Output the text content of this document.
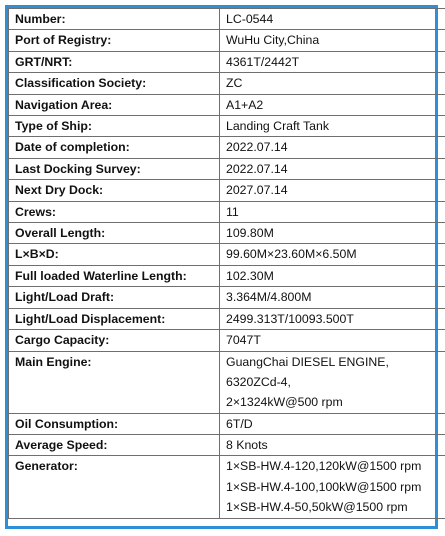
Number:	LC-0544

Port of Registry:	WuHu City,China

GRT/NRT:	4361T/2442T

Classification Society:	ZC

Navigation Area:	A1+A2

Type of Ship:	Landing Craft Tank

Date of completion:	2022.07.14

Last Docking Survey:	2022.07.14

Next Dry Dock:	2027.07.14

Crews:	11

Overall Length:	109.80M

L×B×D:	99.60M×23.60M×6.50M

Full loaded Waterline Length:	102.30M

Light/Load Draft:	3.364M/4.800M

Light/Load Displacement:	2499.313T/10093.500T

Cargo Capacity:	7047T

Main Engine:	GuangChai DIESEL ENGINE,
6320ZCd-4,
2×1324kW@500 rpm

Oil Consumption:	6T/D

Average Speed:	8 Knots

Generator:	1×SB-HW.4-120,120kW@1500 rpm
1×SB-HW.4-100,100kW@1500 rpm
1×SB-HW.4-50,50kW@1500 rpm
